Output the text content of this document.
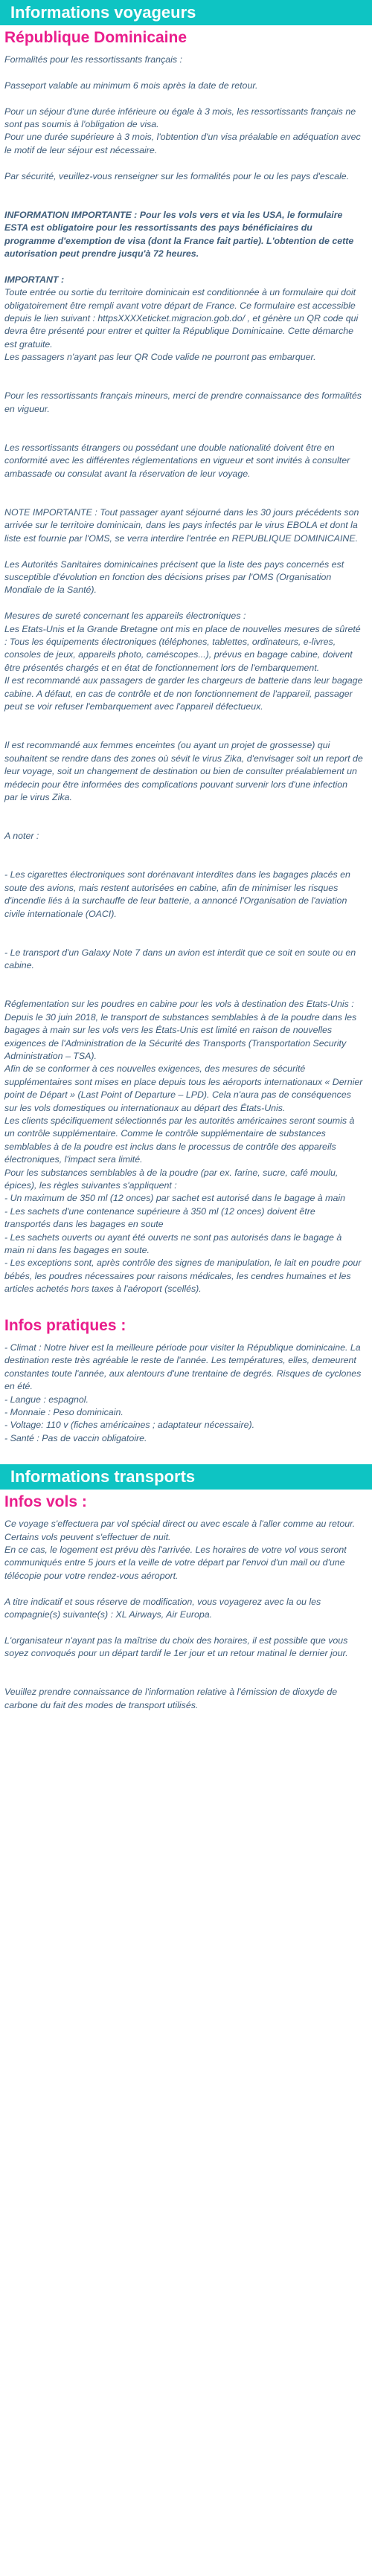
Informations voyageurs
République Dominicaine
Formalités pour les ressortissants français :
Passeport valable au minimum 6 mois après la date de retour.
Pour un séjour d'une durée inférieure ou égale à 3 mois, les ressortissants français ne sont pas soumis à l'obligation de visa.
Pour une durée supérieure à 3 mois, l'obtention d'un visa préalable en adéquation avec le motif de leur séjour est nécessaire.
Par sécurité, veuillez-vous renseigner sur les formalités pour le ou les pays d'escale.
INFORMATION IMPORTANTE : Pour les vols vers et via les USA, le formulaire ESTA est obligatoire pour les ressortissants des pays bénéficiaires du programme d'exemption de visa (dont la France fait partie). L'obtention de cette autorisation peut prendre jusqu'à 72 heures.
IMPORTANT :
Toute entrée ou sortie du territoire dominicain est conditionnée à un formulaire qui doit obligatoirement être rempli avant votre départ de France. Ce formulaire est accessible depuis le lien suivant : httpsXXXXeticket.migracion.gob.do/ , et génère un QR code qui devra être présenté pour entrer et quitter la République Dominicaine. Cette démarche est gratuite.
Les passagers n'ayant pas leur QR Code valide ne pourront pas embarquer.
Pour les ressortissants français mineurs, merci de prendre connaissance des formalités en vigueur.
Les ressortissants étrangers ou possédant une double nationalité doivent être en conformité avec les différentes réglementations en vigueur et sont invités à consulter ambassade ou consulat avant la réservation de leur voyage.
NOTE IMPORTANTE : Tout passager ayant séjourné dans les 30 jours précédents son arrivée sur le territoire dominicain, dans les pays infectés par le virus EBOLA et dont la liste est fournie par l'OMS, se verra interdire l'entrée en REPUBLIQUE DOMINICAINE.
Les Autorités Sanitaires dominicaines précisent que la liste des pays concernés est susceptible d'évolution en fonction des décisions prises par l'OMS (Organisation Mondiale de la Santé).
Mesures de sureté concernant les appareils électroniques :
Les Etats-Unis et la Grande Bretagne ont mis en place de nouvelles mesures de sûreté : Tous les équipements électroniques (téléphones, tablettes, ordinateurs, e-livres, consoles de jeux, appareils photo, caméscopes...), prévus en bagage cabine, doivent être présentés chargés et en état de fonctionnement lors de l'embarquement.
Il est recommandé aux passagers de garder les chargeurs de batterie dans leur bagage cabine. A défaut, en cas de contrôle et de non fonctionnement de l'appareil, passager peut se voir refuser l'embarquement avec l'appareil défectueux.
Il est recommandé aux femmes enceintes (ou ayant un projet de grossesse) qui souhaitent se rendre dans des zones où sévit le virus Zika, d'envisager soit un report de leur voyage, soit un changement de destination ou bien de consulter préalablement un médecin pour être informées des complications pouvant survenir lors d'une infection par le virus Zika.
A noter :
- Les cigarettes électroniques sont dorénavant interdites dans les bagages placés en soute des avions, mais restent autorisées en cabine, afin de minimiser les risques d'incendie liés à la surchauffe de leur batterie, a annoncé l'Organisation de l'aviation civile internationale (OACI).
- Le transport d'un Galaxy Note 7 dans un avion est interdit que ce soit en soute ou en cabine.
Réglementation sur les poudres en cabine pour les vols à destination des Etats-Unis :
Depuis le 30 juin 2018, le transport de substances semblables à de la poudre dans les bagages à main sur les vols vers les États-Unis est limité en raison de nouvelles exigences de l'Administration de la Sécurité des Transports (Transportation Security Administration – TSA).
Afin de se conformer à ces nouvelles exigences, des mesures de sécurité supplémentaires sont mises en place depuis tous les aéroports internationaux « Dernier point de Départ » (Last Point of Departure – LPD). Cela n'aura pas de conséquences sur les vols domestiques ou internationaux au départ des États-Unis.
Les clients spécifiquement sélectionnés par les autorités américaines seront soumis à un contrôle supplémentaire. Comme le contrôle supplémentaire de substances semblables à de la poudre est inclus dans le processus de contrôle des appareils électroniques, l'impact sera limité.
Pour les substances semblables à de la poudre (par ex. farine, sucre, café moulu, épices), les règles suivantes s'appliquent :
- Un maximum de 350 ml (12 onces) par sachet est autorisé dans le bagage à main
- Les sachets d'une contenance supérieure à 350 ml (12 onces) doivent être transportés dans les bagages en soute
- Les sachets ouverts ou ayant été ouverts ne sont pas autorisés dans le bagage à main ni dans les bagages en soute.
- Les exceptions sont, après contrôle des signes de manipulation, le lait en poudre pour bébés, les poudres nécessaires pour raisons médicales, les cendres humaines et les articles achetés hors taxes à l'aéroport (scellés).
Infos pratiques :
- Climat : Notre hiver est la meilleure période pour visiter la République dominicaine. La destination reste très agréable le reste de l'année. Les températures, elles, demeurent constantes toute l'année, aux alentours d'une trentaine de degrés. Risques de cyclones en été.
- Langue : espagnol.
- Monnaie : Peso dominicain.
- Voltage: 110 v (fiches américaines ; adaptateur nécessaire).
- Santé : Pas de vaccin obligatoire.
Informations transports
Infos vols :
Ce voyage s'effectuera par vol spécial direct ou avec escale à l'aller comme au retour. Certains vols peuvent s'effectuer de nuit.
En ce cas, le logement est prévu dès l'arrivée. Les horaires de votre vol vous seront communiqués entre 5 jours et la veille de votre départ par l'envoi d'un mail ou d'une télécopie pour votre rendez-vous aéroport.
A titre indicatif et sous réserve de modification, vous voyagerez avec la ou les compagnie(s) suivante(s) : XL Airways, Air Europa.
L'organisateur n'ayant pas la maîtrise du choix des horaires, il est possible que vous soyez convoqués pour un départ tardif le 1er jour et un retour matinal le dernier jour.
Veuillez prendre connaissance de l'information relative à l'émission de dioxyde de carbone du fait des modes de transport utilisés.
